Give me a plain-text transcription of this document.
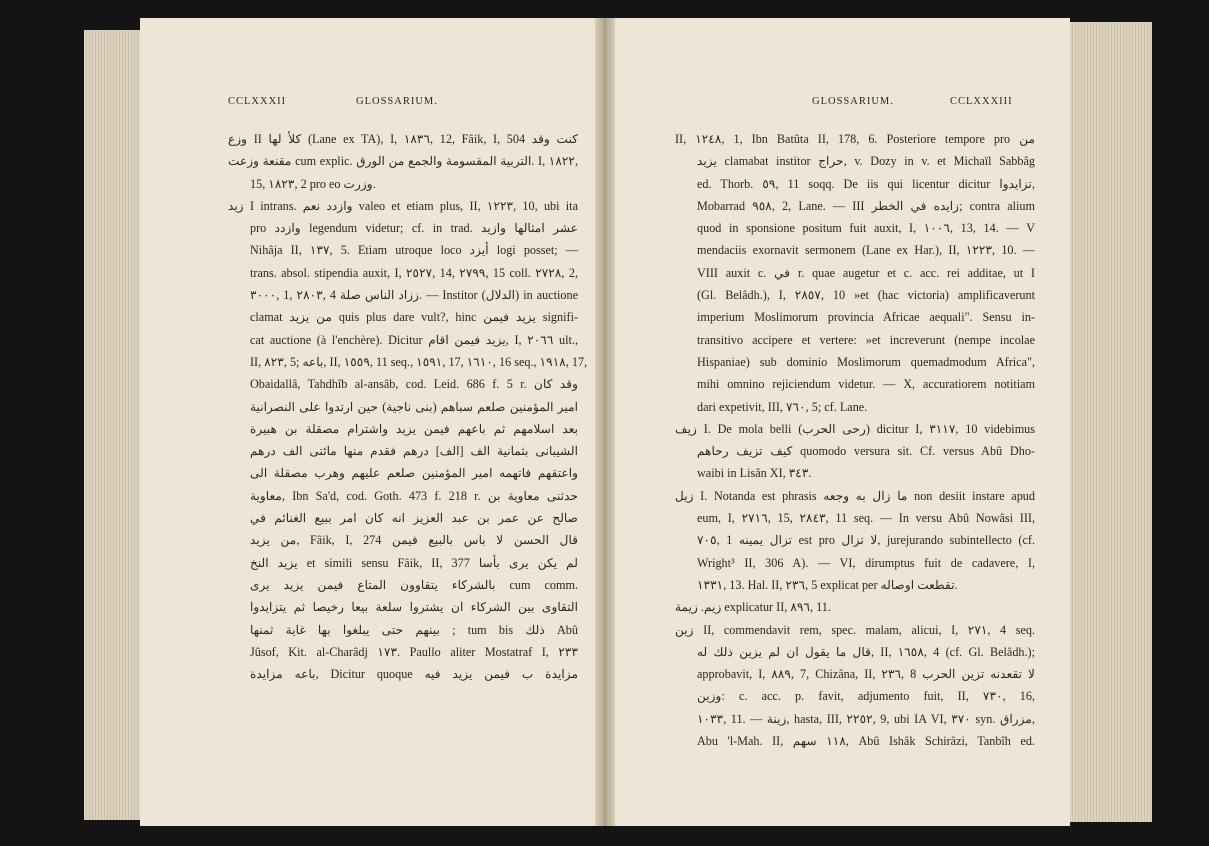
CCLXXXII	GLOSSARIUM.
وزع II كلأ لها (Lane ex TA), I, ١٨٣٦, 12, Fâik, I, 504 كنت وقد
مقنعة وزعت cum explic. التربية المقسومة والجمع من الورق. I, ١٨٢٢,
15, ١٨٢٣, 2 pro eo وزرت.
زيد I intrans. وازدد نعم valeo et etiam plus, II, ١٢٢٣, 10, ubi ita
pro وازدد legendum videtur; cf. in trad. عشر امثالها وازيد
Nihâja II, ١٣٧, 5. Etiam utroque loco أيزد logi posset; —
trans. absol. stipendia auxit, I, ٢٥٢٧, 14, ٢٧٩٩, 15 coll. ٢٧٢٨, 2,
٣٠٠٠, 1, ٢٨٠٣, 4 ززاد الناس صلة. — Institor (الدلال) in auctione
clamat من يزيد quis plus dare vult?, hinc يزيد فيمن signifi-
cat auctione (à l'enchère). Dicitur يزيد فيمن اقام, I, ٢٠٦٦ ult.,
II, ٨٢٣, 5; باعه, II, ١٥٥٩, 11 seq., ١٥٩١, 17, ١٦١٠, 16 seq., ١٩١٨, 17,
Obaidallâ, Tahdhîb al-ansâb, cod. Leid. 686 f. 5 r. وقد كان
امير المؤمنين صلعم سباهم (بنى ناجية) حين ارتدوا على النصرانية
بعد اسلامهم ثم باعهم فيمن يزيد واشترام مصقلة بن هبيرة
الشيبانى بثمانية الف [الف] درهم فقدم منها مائتى الف درهم
واعتقهم فاتهمه امير المؤمنين صلعم عليهم وهرب مصقلة الى
معاوية, Ibn Sa'd, cod. Goth. 473 f. 218 r. حدثنى معاوية بن
صالح عن عمر بن عبد العزيز انه كان امر ببيع الغنائم في
من يزيد, Fâik, I, 274 قال الحسن لا باس بالبيع فيمن
يزيد النخ et simili sensu Fâik, II, 377 لم يكن يرى بأسا
بالشركاء يتقاوون المتاع فيمن يزيد يرى cum comm.
التقاوى بين الشركاء ان يشتروا سلعة بيعا رخيصا ثم يتزايدوا
بينهم حتى يبلغوا بها غاية ثمنها ; tum bis ذلك Abû
Jûsof, Kit. al-Charâdj ١٧٣. Paullo aliter Mostatraf I, ٢٣٣
باعه مزايدة, Dicitur quoque مزايدة ب فيمن يزيد فيه
GLOSSARIUM.	CCLXXXIII
II, ١٢٤٨, 1, Ibn Batûta II, 178, 6. Posteriore tempore pro من
يزيد clamabat institor حراج, v. Dozy in v. et Michaïl Sabbâg
ed. Thorb. ٥٩, 11 soqq. De iis qui licentur dicitur تزايدوا,
Mobarrad ٩٥٨, 2, Lane. — III زايده في الخطر; contra alium
quod in sponsione positum fuit auxit, I, ١٠٠٦, 13, 14. — V
mendaciis exornavit sermonem (Lane ex Har.), II, ١٢٢٣, 10. —
VIII auxit c. في r. quae augetur et c. acc. rei additae, ut I
(Gl. Belâdh.), I, ٢٨٥٧, 10 »et (hac victoria) amplificaverunt
imperium Moslimorum provincia Africae aequali". Sensu in-
transitivo accipere et vertere: »et increverunt (nempe incolae
Hispaniae) sub dominio Moslimorum quemadmodum Africa",
mihi omnino rejiciendum videtur. — X, accuratiorem notitiam
dari expetivit, III, ٧٦٠, 5; cf. Lane.
زيف I. De mola belli (رحى الحرب) dicitur I, ٣١١٧, 10 videbimus
كيف تزيف رحاهم quomodo versura sit. Cf. versus Abû Dho-
waibi in Lisân XI, ٣٤٣.
زيل I. Notanda est phrasis ما زال به وجعه non desiit instare apud
eum, I, ٢٧١٦, 15, ٢٨٤٣, 11 seq. — In versu Abû Nowâsi III,
٧٠٥, 1 تزال يمينه est pro لا تزال, jurejurando subintellecto (cf.
Wright³ II, 306 A). — VI, dirumptus fuit de cadavere, I,
١٣٣١, 13. Hal. II, ٢٣٦, 5 explicat per تقطعت اوصاله.
زيم. زيمة explicatur II, ٨٩٦, 11.
زين II, commendavit rem, spec. malam, alicui, I, ٢٧١, 4 seq.
قال ما يقول ان لم يزين ذلك له, II, ١٦٥٨, 4 (cf. Gl. Belâdh.);
approbavit, I, ٨٨٩, 7, Chizâna, II, ٢٣٦, 8 لا تقعدنه تزين الحرب
وزين: c. acc. p. favit, adjumento fuit, II, ٧٣٠, 16,
١٠٣٣, 11. — زينة, hasta, III, ٢٢٥٢, 9, ubi IA VI, ٣٧٠ syn. مزراق,
Abu 'l-Mah. II, ١١٨ سهم, Abû Ishâk Schirâzi, Tanbîh ed.
